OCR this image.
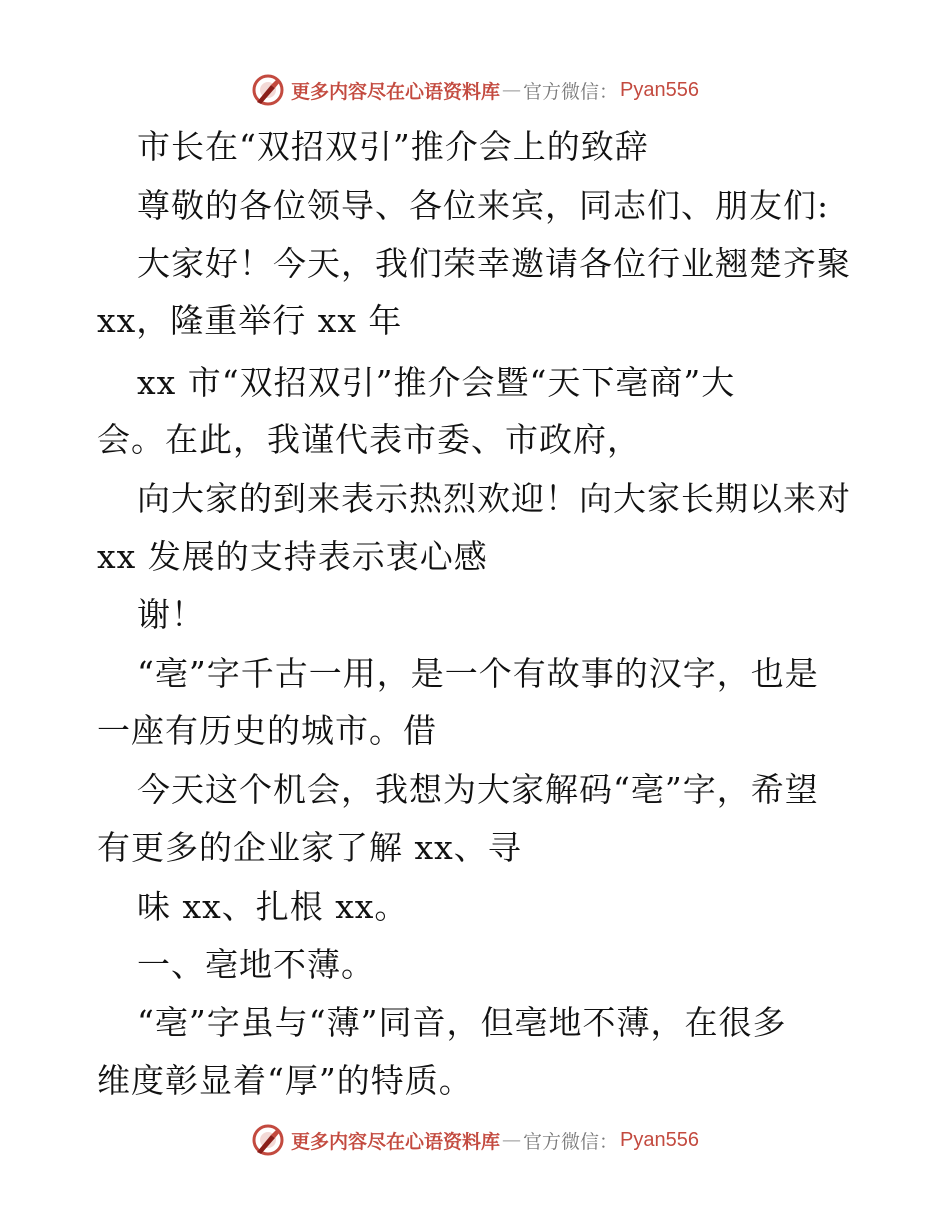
更多内容尽在心语资料库 — 官方微信： Pyan556
市长在“双招双引”推介会上的致辞
尊敬的各位领导、各位来宾，同志们、朋友们:
大家好！今天，我们荣幸邀请各位行业翘楚齐聚
xx，隆重举行 xx 年
xx 市“双招双引”推介会暨“天下亳商”大
会。在此，我谨代表市委、市政府，
向大家的到来表示热烈欢迎！向大家长期以来对
xx 发展的支持表示衷心感
谢！
“亳”字千古一用，是一个有故事的汉字，也是
一座有历史的城市。借
今天这个机会，我想为大家解码“亳”字，希望
有更多的企业家了解 xx、寻
味 xx、扎根 xx。
一、亳地不薄。
“亳”字虽与“薄”同音，但亳地不薄，在很多
维度彰显着“厚”的特质。
更多内容尽在心语资料库 — 官方微信： Pyan556
